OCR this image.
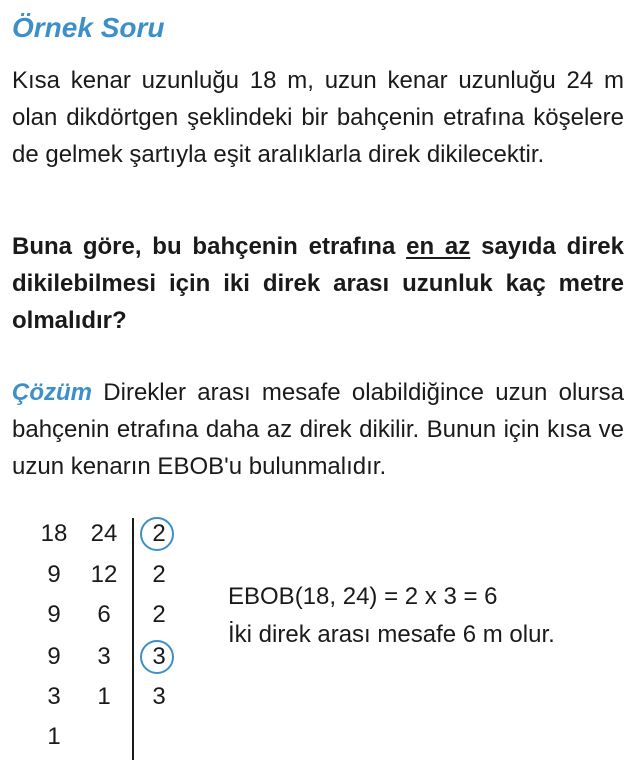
Örnek Soru
Kısa kenar uzunluğu 18 m, uzun kenar uzunluğu 24 m olan dikdörtgen şeklindeki bir bahçenin etrafına köşelere de gelmek şartıyla eşit aralıklarla direk dikilecektir.
Buna göre, bu bahçenin etrafına en az sayıda direk dikilebilmesi için iki direk arası uzunluk kaç metre olmalıdır?
Çözüm Direkler arası mesafe olabildiğince uzun olursa bahçenin etrafına daha az direk dikilir. Bunun için kısa ve uzun kenarın EBOB'u bulunmalıdır.
18 24	2
9	12	2
9	6	2
9	3	3
3	1	3
1
EBOB(18, 24) = 2 x 3 = 6
İki direk arası mesafe 6 m olur.
